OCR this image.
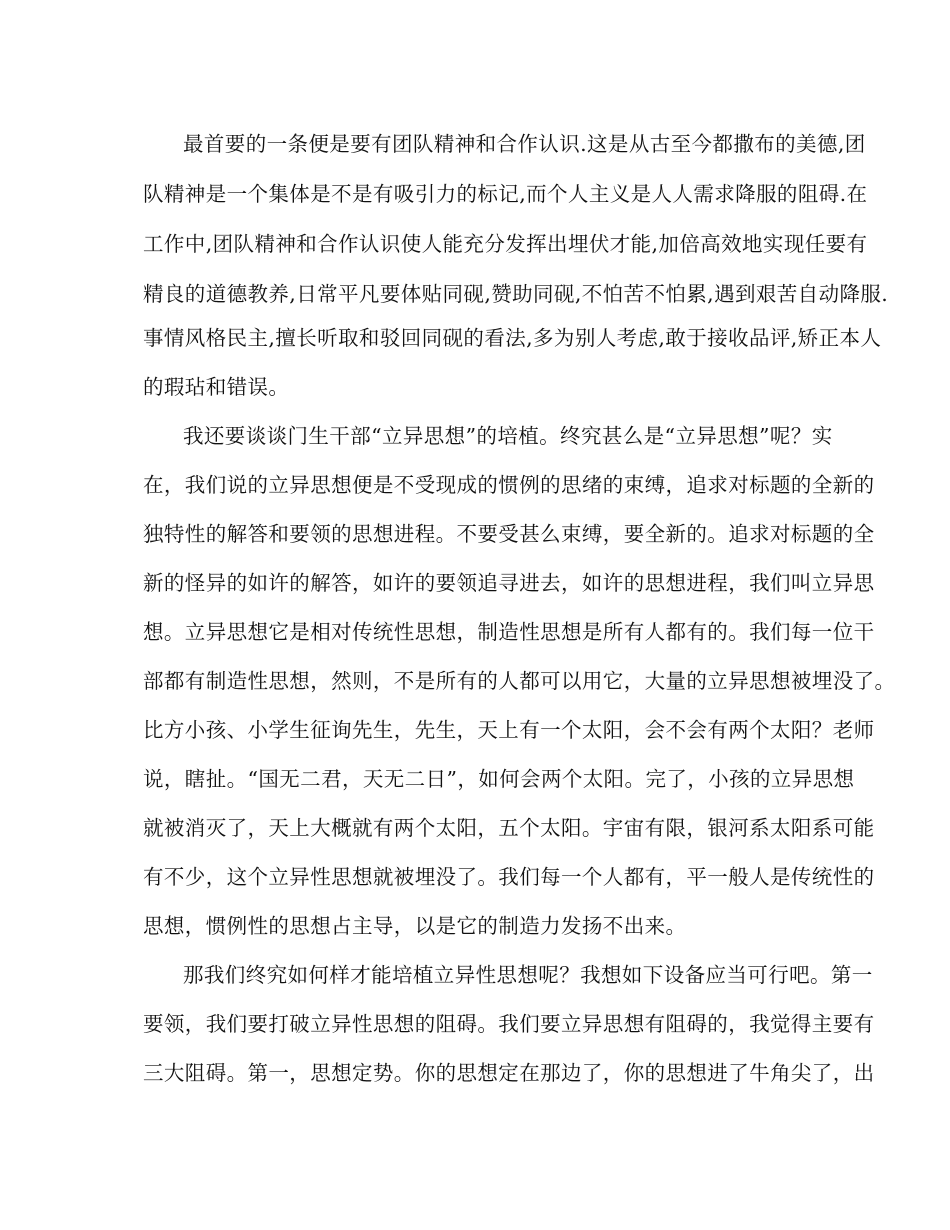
最首要的一条便是要有团队精神和合作认识.这是从古至今都撒布的美德,团
队精神是一个集体是不是有吸引力的标记,而个人主义是人人需求降服的阻碍.在
工作中,团队精神和合作认识使人能充分发挥出埋伏才能,加倍高效地实现任要有
精良的道德教养,日常平凡要体贴同砚,赞助同砚,不怕苦不怕累,遇到艰苦自动降服.
事情风格民主,擅长听取和驳回同砚的看法,多为别人考虑,敢于接收品评,矫正本人
的瑕玷和错误。
我还要谈谈门生干部“立异思想”的培植。终究甚么是“立异思想”呢？实
在，我们说的立异思想便是不受现成的惯例的思绪的束缚，追求对标题的全新的
独特性的解答和要领的思想进程。不要受甚么束缚，要全新的。追求对标题的全
新的怪异的如许的解答，如许的要领追寻进去，如许的思想进程，我们叫立异思
想。立异思想它是相对传统性思想，制造性思想是所有人都有的。我们每一位干
部都有制造性思想，然则，不是所有的人都可以用它，大量的立异思想被埋没了。
比方小孩、小学生征询先生，先生，天上有一个太阳，会不会有两个太阳？老师
说，瞎扯。“国无二君，天无二日”，如何会两个太阳。完了，小孩的立异思想
就被消灭了，天上大概就有两个太阳，五个太阳。宇宙有限，银河系太阳系可能
有不少，这个立异性思想就被埋没了。我们每一个人都有，平一般人是传统性的
思想，惯例性的思想占主导，以是它的制造力发扬不出来。
那我们终究如何样才能培植立异性思想呢？我想如下设备应当可行吧。第一
要领，我们要打破立异性思想的阻碍。我们要立异思想有阻碍的，我觉得主要有
三大阻碍。第一，思想定势。你的思想定在那边了，你的思想进了牛角尖了，出
